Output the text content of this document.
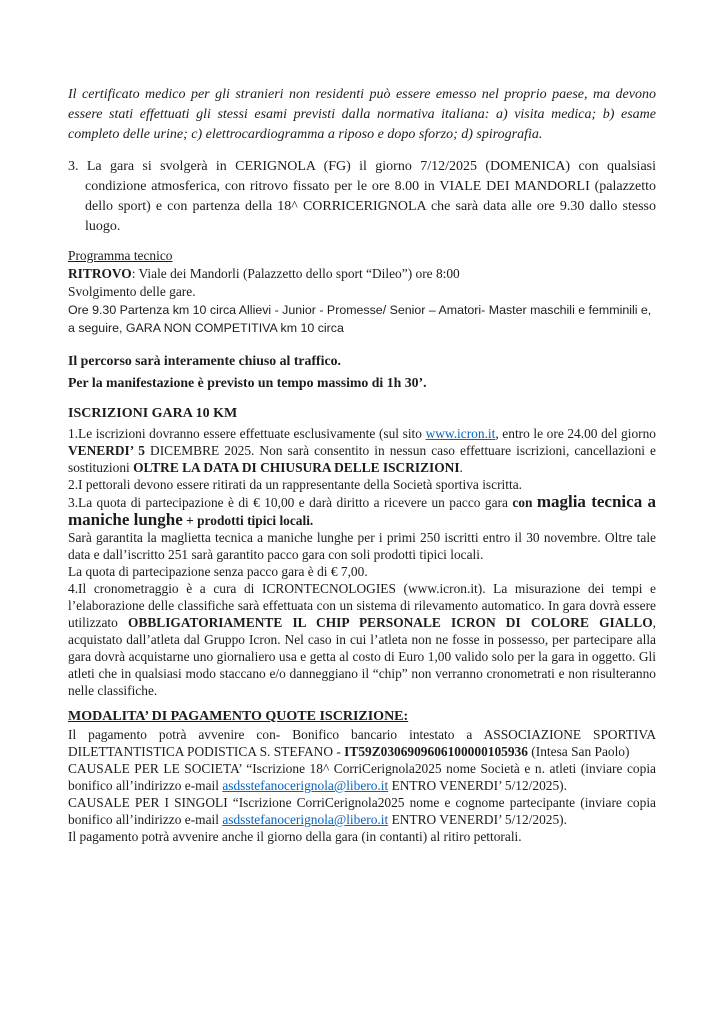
Il certificato medico per gli stranieri non residenti può essere emesso nel proprio paese, ma devono essere stati effettuati gli stessi esami previsti dalla normativa italiana: a) visita medica; b) esame completo delle urine; c) elettrocardiogramma a riposo e dopo sforzo; d) spirografia.

3. La gara si svolgerà in CERIGNOLA (FG) il giorno 7/12/2025 (DOMENICA) con qualsiasi condizione atmosferica, con ritrovo fissato per le ore 8.00 in VIALE DEI MANDORLI (palazzetto dello sport) e con partenza della 18^ CORRICERIGNOLA che sarà data alle ore 9.30 dallo stesso luogo.

Programma tecnico

RITROVO: Viale dei Mandorli (Palazzetto dello sport “Dileo”) ore 8:00

Svolgimento delle gare.

Ore 9.30 Partenza km 10 circa Allievi - Junior - Promesse/ Senior – Amatori- Master maschili e femminili e, a seguire, GARA NON COMPETITIVA km 10 circa

Il percorso sarà interamente chiuso al traffico.

Per la manifestazione è previsto un tempo massimo di 1h 30’.

ISCRIZIONI GARA 10 KM

1.Le iscrizioni dovranno essere effettuate esclusivamente (sul sito www.icron.it, entro le ore 24.00 del giorno VENERDI’ 5 DICEMBRE 2025. Non sarà consentito in nessun caso effettuare iscrizioni, cancellazioni e sostituzioni OLTRE LA DATA DI CHIUSURA DELLE ISCRIZIONI.

2.I pettorali devono essere ritirati da un rappresentante della Società sportiva iscritta.

3.La quota di partecipazione è di € 10,00 e darà diritto a ricevere un pacco gara con maglia tecnica a maniche lunghe + prodotti tipici locali.

Sarà garantita la maglietta tecnica a maniche lunghe per i primi 250 iscritti entro il 30 novembre. Oltre tale data e dall’iscritto 251 sarà garantito pacco gara con soli prodotti tipici locali.

La quota di partecipazione senza pacco gara è di € 7,00.

4.Il cronometraggio è a cura di ICRONTECNOLOGIES (www.icron.it). La misurazione dei tempi e l’elaborazione delle classifiche sarà effettuata con un sistema di rilevamento automatico. In gara dovrà essere utilizzato OBBLIGATORIAMENTE IL CHIP PERSONALE ICRON DI COLORE GIALLO, acquistato dall’atleta dal Gruppo Icron. Nel caso in cui l’atleta non ne fosse in possesso, per partecipare alla gara dovrà acquistarne uno giornaliero usa e getta al costo di Euro 1,00 valido solo per la gara in oggetto. Gli atleti che in qualsiasi modo staccano e/o danneggiano il “chip” non verranno cronometrati e non risulteranno nelle classifiche.

MODALITA’ DI PAGAMENTO QUOTE ISCRIZIONE:

Il pagamento potrà avvenire con- Bonifico bancario intestato a ASSOCIAZIONE SPORTIVA DILETTANTISTICA PODISTICA S. STEFANO - IT59Z0306909606100000105936 (Intesa San Paolo)

CAUSALE PER LE SOCIETA’ “Iscrizione 18^ CorriCerignola2025 nome Società e n. atleti (inviare copia bonifico all’indirizzo e-mail asdsstefanocerignola@libero.it ENTRO VENERDI’ 5/12/2025).

CAUSALE PER I SINGOLI “Iscrizione CorriCerignola2025 nome e cognome partecipante (inviare copia bonifico all’indirizzo e-mail asdsstefanocerignola@libero.it ENTRO VENERDI’ 5/12/2025).

Il pagamento potrà avvenire anche il giorno della gara (in contanti) al ritiro pettorali.
